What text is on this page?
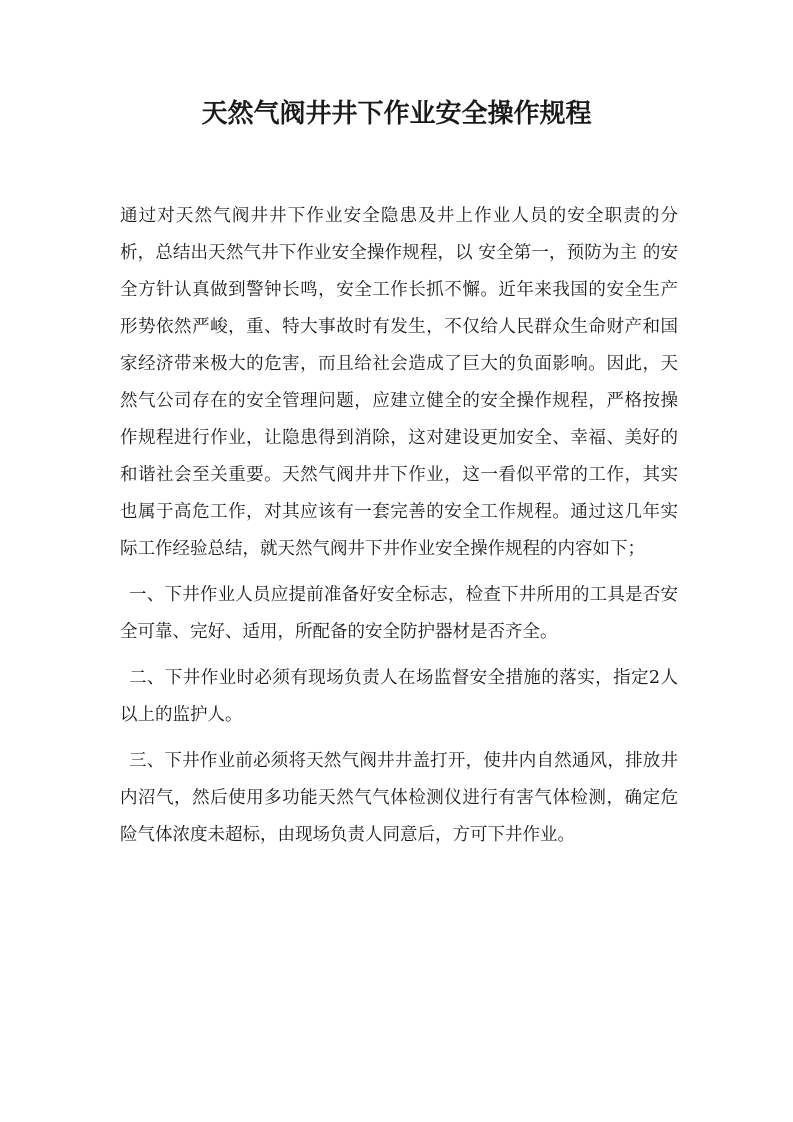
天然气阀井井下作业安全操作规程

通过对天然气阀井井下作业安全隐患及井上作业人员的安全职责的分析，总结出天然气井下作业安全操作规程，以 安全第一，预防为主 的安全方针认真做到警钟长鸣，安全工作长抓不懈。近年来我国的安全生产形势依然严峻，重、特大事故时有发生，不仅给人民群众生命财产和国家经济带来极大的危害，而且给社会造成了巨大的负面影响。因此，天然气公司存在的安全管理问题，应建立健全的安全操作规程，严格按操作规程进行作业，让隐患得到消除，这对建设更加安全、幸福、美好的和谐社会至关重要。天然气阀井井下作业，这一看似平常的工作，其实也属于高危工作，对其应该有一套完善的安全工作规程。通过这几年实际工作经验总结，就天然气阀井下井作业安全操作规程的内容如下；

一、下井作业人员应提前准备好安全标志，检查下井所用的工具是否安全可靠、完好、适用，所配备的安全防护器材是否齐全。

二、下井作业时必须有现场负责人在场监督安全措施的落实，指定2人以上的监护人。

三、下井作业前必须将天然气阀井井盖打开，使井内自然通风，排放井内沼气，然后使用多功能天然气气体检测仪进行有害气体检测，确定危险气体浓度未超标，由现场负责人同意后，方可下井作业。
